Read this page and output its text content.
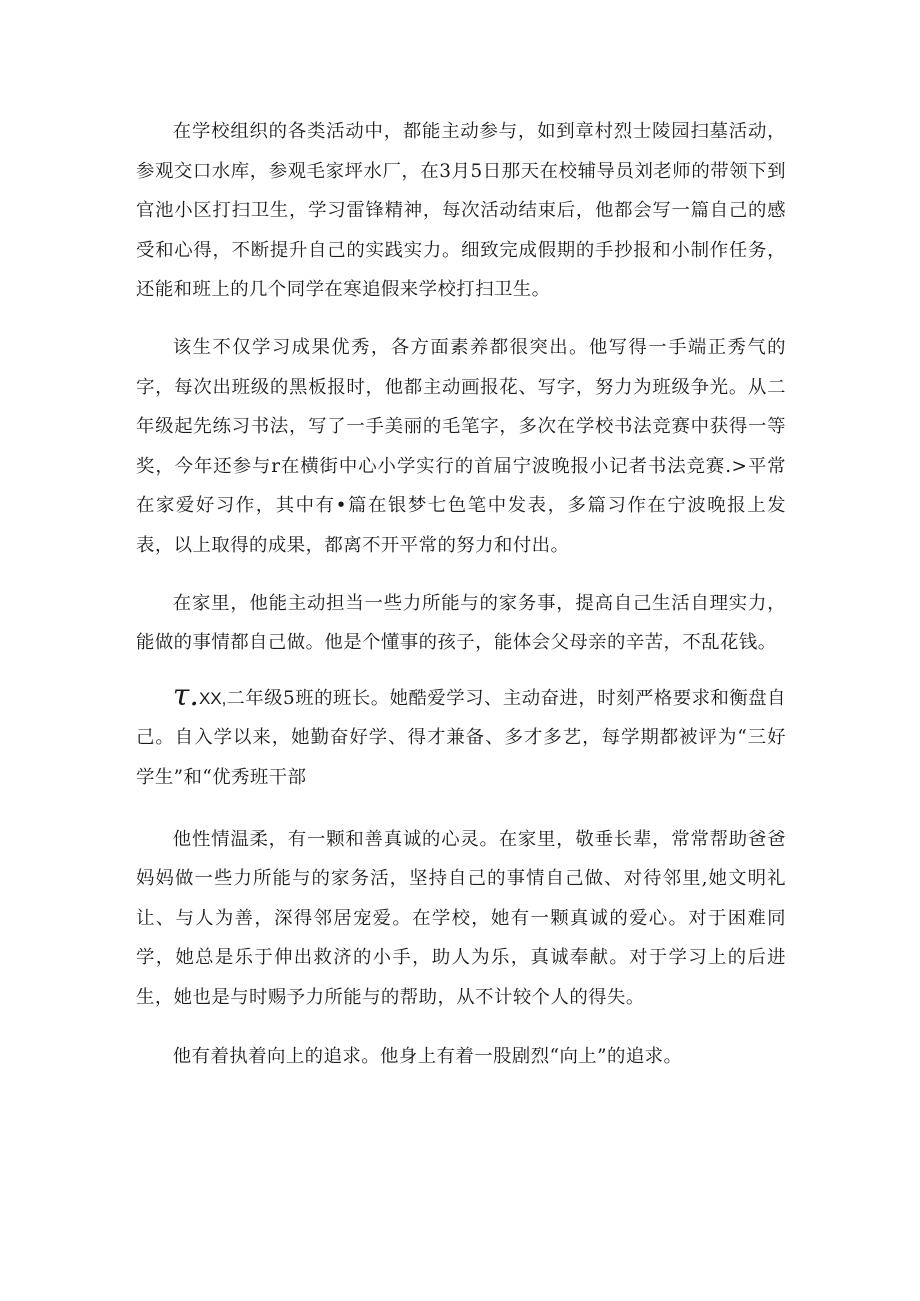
在学校组织的各类活动中，都能主动参与，如到章村烈士陵园扫墓活动，参观交口水库，参观毛家坪水厂，在3月5日那天在校辅导员刘老师的带领下到官池小区打扫卫生，学习雷锋精神，每次活动结束后，他都会写一篇自己的感受和心得，不断提升自己的实践实力。细致完成假期的手抄报和小制作任务，还能和班上的几个同学在寒追假来学校打扫卫生。

该生不仅学习成果优秀，各方面素养都很突出。他写得一手端正秀气的字，每次出班级的黑板报时，他都主动画报花、写字，努力为班级争光。从二年级起先练习书法，写了一手美丽的毛笔字，多次在学校书法竞赛中获得一等奖，今年还参与r在横街中心小学实行的首届宁波晚报小记者书法竞赛.>平常在家爱好习作，其中有•篇在银梦七色笔中发表，多篇习作在宁波晚报上发表，以上取得的成果，都离不开平常的努力和付出。

在家里，他能主动担当一些力所能与的家务事，提高自己生活自理实力，能做的事情都自己做。他是个懂事的孩子，能体会父母亲的辛苦，不乱花钱。

τ.XX,二年级5班的班长。她酷爱学习、主动奋进，时刻严格要求和衡盘自己。自入学以来，她勤奋好学、得才兼备、多才多艺，每学期都被评为“三好学生”和“优秀班干部

他性情温柔，有一颗和善真诚的心灵。在家里，敬垂长辈，常常帮助爸爸妈妈做一些力所能与的家务活，坚持自己的事情自己做、对待邻里,她文明礼让、与人为善，深得邻居宠爱。在学校，她有一颗真诚的爱心。对于困难同学，她总是乐于伸出救济的小手，助人为乐，真诚奉献。对于学习上的后进生，她也是与时赐予力所能与的帮助，从不计较个人的得失。

他有着执着向上的追求。他身上有着一股剧烈“向上”的追求。
